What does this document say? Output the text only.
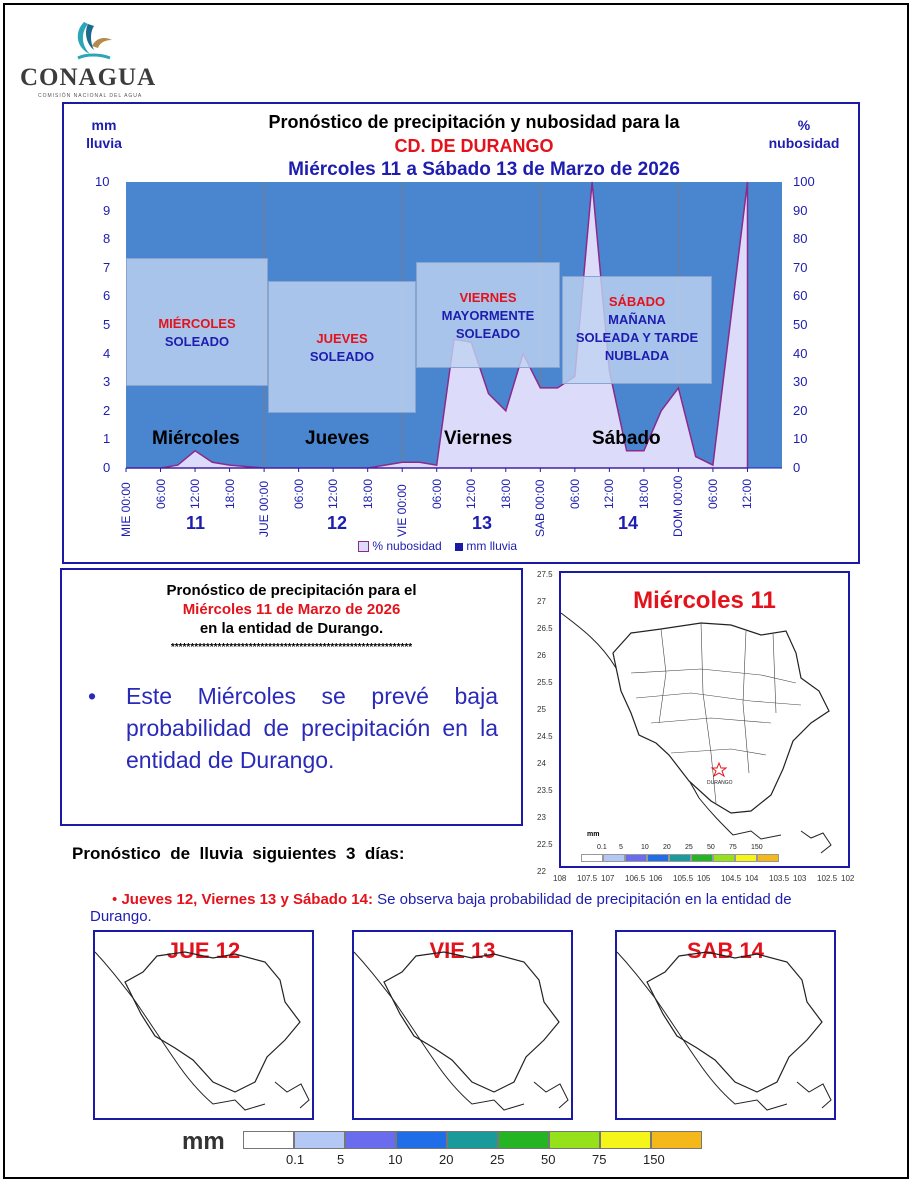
CONAGUA
COMISIÓN NACIONAL DEL AGUA
Pronóstico de precipitación y nubosidad para la
CD. DE DURANGO
Miércoles 11 a Sábado 13 de Marzo de 2026
mm
lluvia
%
nubosidad
0
1
2
3
4
5
6
7
8
9
10
0
10
20
30
40
50
60
70
80
90
100
MIÉRCOLES
SOLEADO	JUEVES
SOLEADO
VIERNES
MAYORMENTE SOLEADO
SÁBADO
MAÑANA SOLEADA Y TARDE NUBLADA
Miércoles	Jueves	Viernes	Sábado
MIE 00:00 06:00 12:00 18:00 JUE 00:00 06:00 12:00 18:00 VIE 00:00 06:00 12:00 18:00 SAB 00:00 06:00 12:00 18:00 DOM 00:00 06:00 12:00
11	12	13	14
% nubosidad mm lluvia
Pronóstico de precipitación para el
Miércoles 11 de Marzo de 2026
en la entidad de Durango.
**************************************************************
• Este Miércoles se prevé baja probabilidad de precipitación en la entidad de Durango.
Miércoles 11
DURANGO
mm
0.1 5	10 20 25 50 75 150
27.5
27
26.5
26
25.5
25
24.5
24
23.5
23
22.5
22
108 107.5 107 106.5 106 105.5 105 104.5 104 103.5 103 102.5 102
Pronóstico  de  lluvia  siguientes  3  días:
• Jueves 12, Viernes 13 y Sábado 14: Se observa baja probabilidad de precipitación en la entidad de Durango.
JUE 12	VIE 13	SAB 14
mm
0.1	5	10	20	25	50	75	150
